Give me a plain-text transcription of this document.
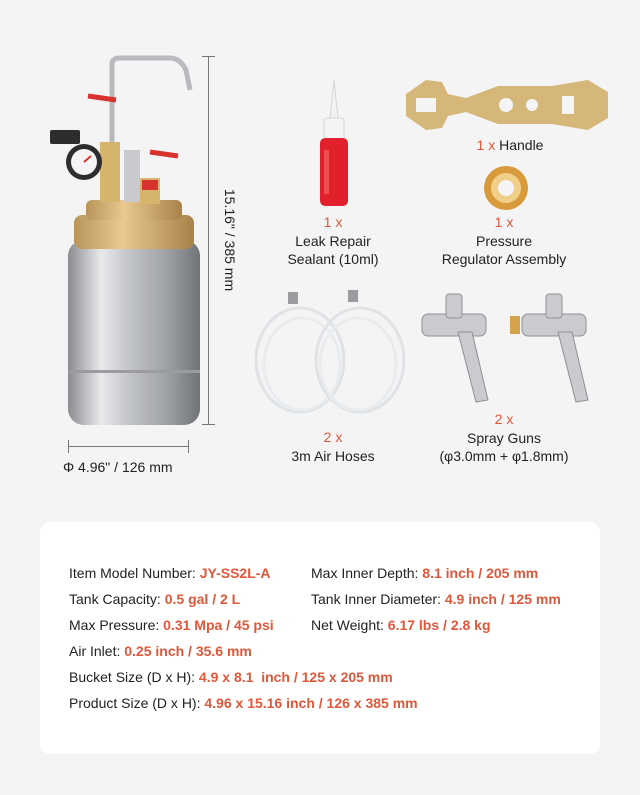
15.16" / 385 mm
Φ 4.96" / 126 mm
1 x
Leak Repair
Sealant (10ml)
1 x Handle
1 x
Pressure
Regulator Assembly
2 x
3m Air Hoses
2 x
Spray Guns
(φ3.0mm + φ1.8mm)
Item Model Number: JY-SS2L-A	Max Inner Depth: 8.1 inch / 205 mm
Tank Capacity: 0.5 gal / 2 L	Tank Inner Diameter: 4.9 inch / 125 mm
Max Pressure: 0.31 Mpa / 45 psi	Net Weight: 6.17 lbs / 2.8 kg
Air Inlet: 0.25 inch / 35.6 mm
Bucket Size (D x H): 4.9 x 8.1  inch / 125 x 205 mm
Product Size (D x H): 4.96 x 15.16 inch / 126 x 385 mm
